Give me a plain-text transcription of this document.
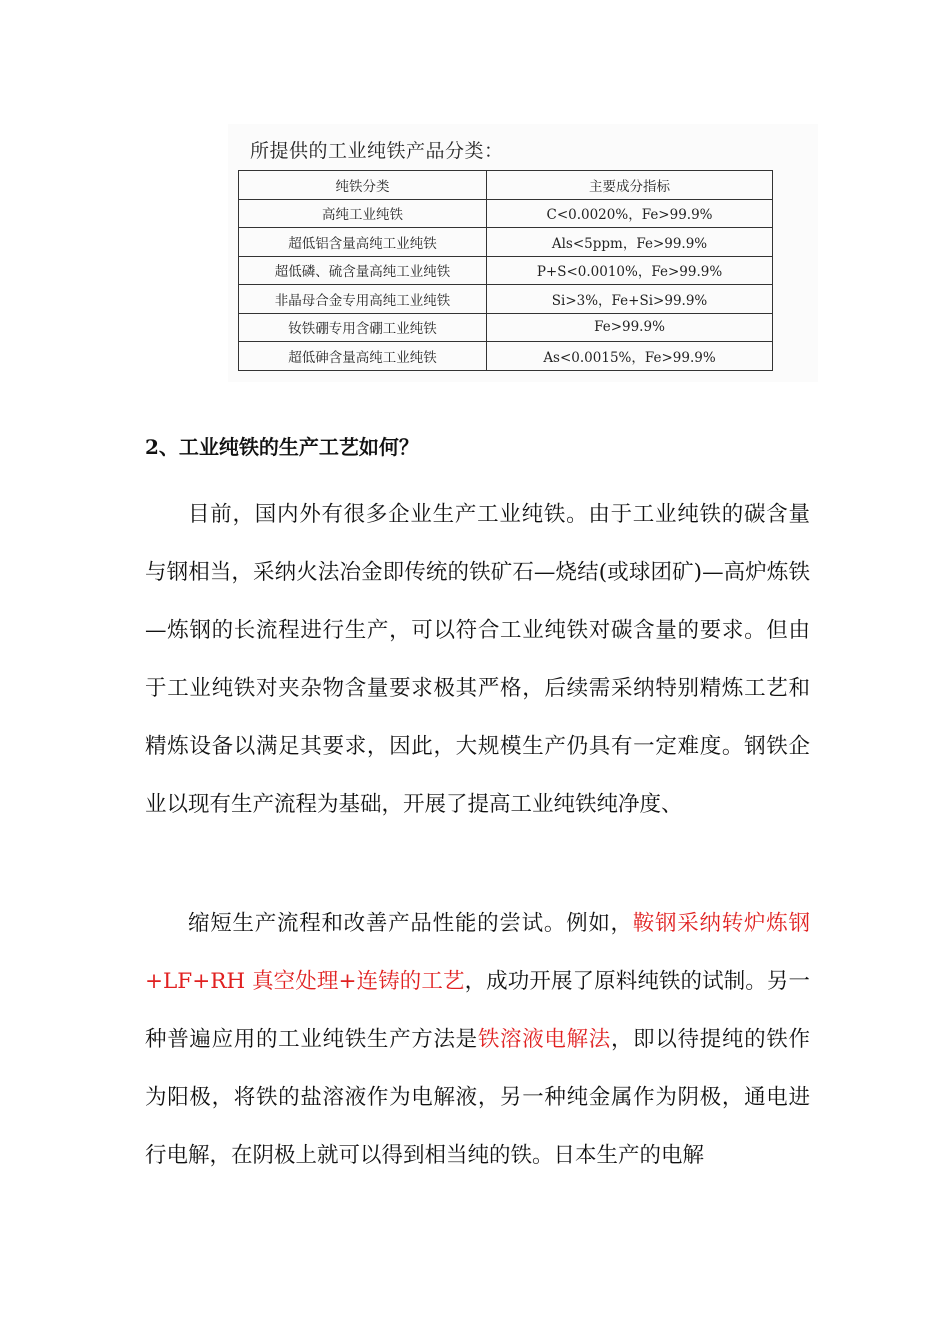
所提供的工业纯铁产品分类：
纯铁分类	主要成分指标
高纯工业纯铁	C<0.0020%，Fe>99.9%
超低铝含量高纯工业纯铁	Als<5ppm，Fe>99.9%
超低磷、硫含量高纯工业纯铁	P+S<0.0010%，Fe>99.9%
非晶母合金专用高纯工业纯铁	Si>3%，Fe+Si>99.9%
钕铁硼专用含硼工业纯铁	Fe>99.9%
超低砷含量高纯工业纯铁	As<0.0015%，Fe>99.9%
2、工业纯铁的生产工艺如何？

目前，国内外有很多企业生产工业纯铁。由于工业纯铁的碳含量与钢相当，采纳火法冶金即传统的铁矿石—烧结(或球团矿)—高炉炼铁—炼钢的长流程进行生产，可以符合工业纯铁对碳含量的要求。但由于工业纯铁对夹杂物含量要求极其严格，后续需采纳特别精炼工艺和精炼设备以满足其要求，因此，大规模生产仍具有一定难度。钢铁企业以现有生产流程为基础，开展了提高工业纯铁纯净度、

缩短生产流程和改善产品性能的尝试。例如，鞍钢采纳转炉炼钢+LF+RH 真空处理+连铸的工艺，成功开展了原料纯铁的试制。另一种普遍应用的工业纯铁生产方法是铁溶液电解法，即以待提纯的铁作为阳极，将铁的盐溶液作为电解液，另一种纯金属作为阴极，通电进行电解，在阴极上就可以得到相当纯的铁。日本生产的电解
